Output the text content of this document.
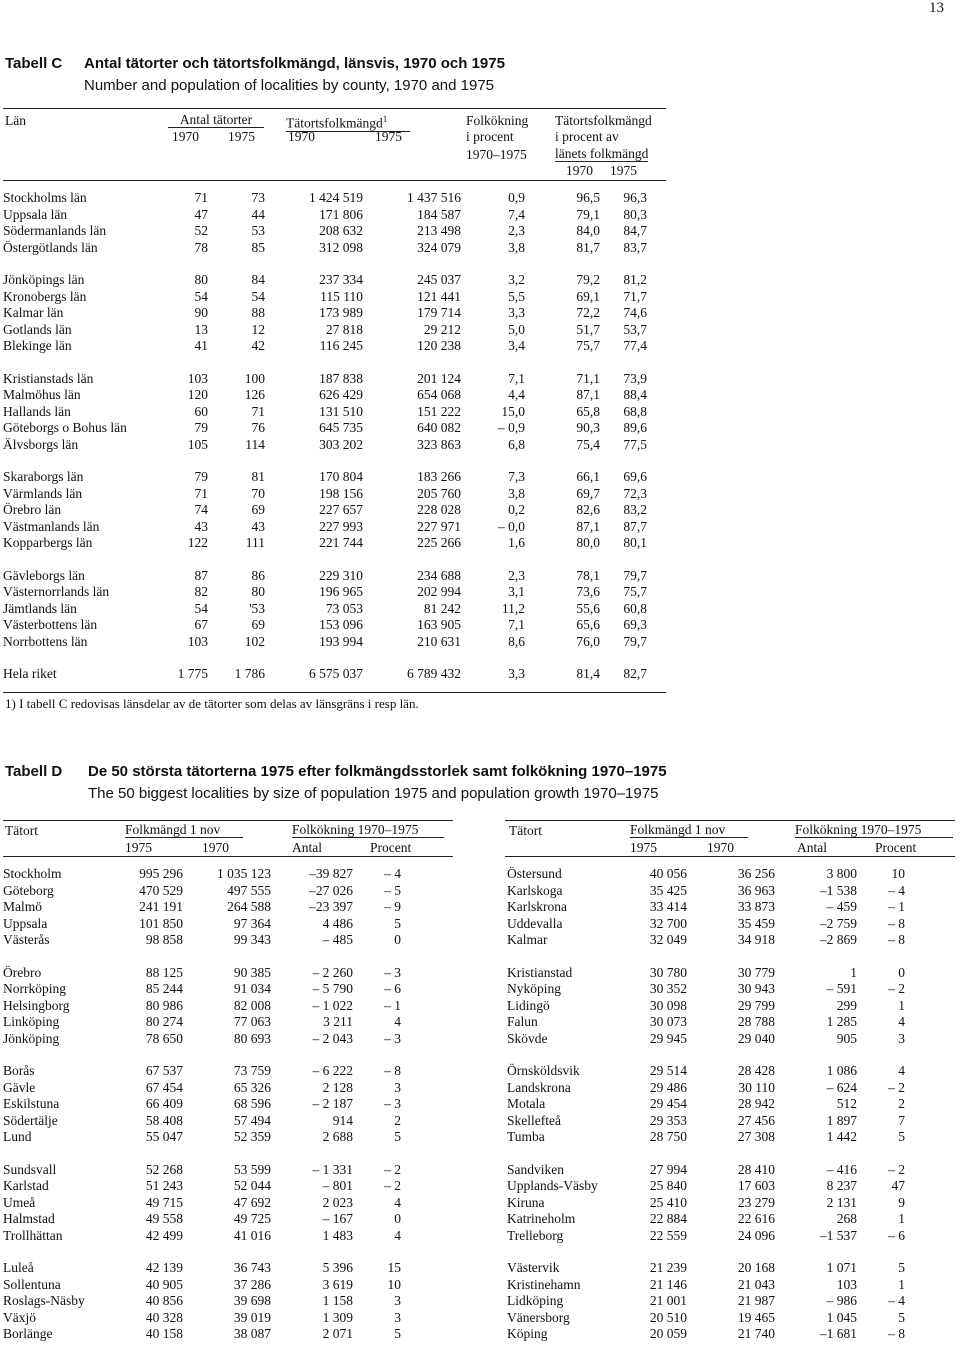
13
Tabell C Antal tätorter och tätortsfolkmängd, länsvis, 1970 och 1975
Number and population of localities by county, 1970 and 1975
Län	Antal tätorter
1970 1975
Tätortsfolkmängd$^1$
1970	1975
Folkökning
i procent
1970–1975
Tätortsfolkmängd
i procent av
länets folkmängd
1970 1975
Stockholms län	71	73	1 424 519	1 437 516	0,9	96,5	96,3
Uppsala län	47	44	171 806	184 587	7,4	79,1	80,3
Södermanlands län	52	53	208 632	213 498	2,3	84,0	84,7
Östergötlands län	78	85	312 098	324 079	3,8	81,7	83,7

Jönköpings län	80	84	237 334	245 037	3,2	79,2	81,2
Kronobergs län	54	54	115 110	121 441	5,5	69,1	71,7
Kalmar län	90	88	173 989	179 714	3,3	72,2	74,6
Gotlands län	13	12	27 818	29 212	5,0	51,7	53,7
Blekinge län	41	42	116 245	120 238	3,4	75,7	77,4

Kristianstads län	103	100	187 838	201 124	7,1	71,1	73,9
Malmöhus län	120	126	626 429	654 068	4,4	87,1	88,4
Hallands län	60	71	131 510	151 222	15,0	65,8	68,8
Göteborgs o Bohus län	79	76	645 735	640 082	– 0,9	90,3	89,6
Älvsborgs län	105	114	303 202	323 863	6,8	75,4	77,5

Skaraborgs län	79	81	170 804	183 266	7,3	66,1	69,6
Värmlands län	71	70	198 156	205 760	3,8	69,7	72,3
Örebro län	74	69	227 657	228 028	0,2	82,6	83,2
Västmanlands län	43	43	227 993	227 971	– 0,0	87,1	87,7
Kopparbergs län	122	111	221 744	225 266	1,6	80,0	80,1

Gävleborgs län	87	86	229 310	234 688	2,3	78,1	79,7
Västernorrlands län	82	80	196 965	202 994	3,1	73,6	75,7
Jämtlands län	54	'53	73 053	81 242	11,2	55,6	60,8
Västerbottens län	67	69	153 096	163 905	7,1	65,6	69,3
Norrbottens län	103	102	193 994	210 631	8,6	76,0	79,7

Hela riket	1 775	1 786	6 575 037	6 789 432	3,3	81,4	82,7
1) I tabell C redovisas länsdelar av de tätorter som delas av länsgräns i resp län.
Tabell D De 50 största tätorterna 1975 efter folkmängdsstorlek samt folkökning 1970–1975
The 50 biggest localities by size of population 1975 and population growth 1970–1975
Tätort	Folkmängd 1 nov
1975	1970
Folkökning 1970–1975
Antal	Procent
Tätort	Folkmängd 1 nov
1975	1970
Folkökning 1970–1975
Antal	Procent
Stockholm	995 296	1 035 123	–39 827	– 4
Göteborg	470 529	497 555	–27 026	– 5
Malmö	241 191	264 588	–23 397	– 9
Uppsala	101 850	97 364	4 486	5
Västerås	98 858	99 343	– 485	0

Örebro	88 125	90 385	– 2 260	– 3
Norrköping	85 244	91 034	– 5 790	– 6
Helsingborg	80 986	82 008	– 1 022	– 1
Linköping	80 274	77 063	3 211	4
Jönköping	78 650	80 693	– 2 043	– 3

Borås	67 537	73 759	– 6 222	– 8
Gävle	67 454	65 326	2 128	3
Eskilstuna	66 409	68 596	– 2 187	– 3
Södertälje	58 408	57 494	914	2
Lund	55 047	52 359	2 688	5

Sundsvall	52 268	53 599	– 1 331	– 2
Karlstad	51 243	52 044	– 801	– 2
Umeå	49 715	47 692	2 023	4
Halmstad	49 558	49 725	– 167	0
Trollhättan	42 499	41 016	1 483	4

Luleå	42 139	36 743	5 396	15
Sollentuna	40 905	37 286	3 619	10
Roslags-Näsby	40 856	39 698	1 158	3
Växjö	40 328	39 019	1 309	3
Borlänge	40 158	38 087	2 071	5
Östersund	40 056	36 256	3 800	10
Karlskoga	35 425	36 963	–1 538	– 4
Karlskrona	33 414	33 873	– 459	– 1
Uddevalla	32 700	35 459	–2 759	– 8
Kalmar	32 049	34 918	–2 869	– 8

Kristianstad	30 780	30 779	1	0
Nyköping	30 352	30 943	– 591	– 2
Lidingö	30 098	29 799	299	1
Falun	30 073	28 788	1 285	4
Skövde	29 945	29 040	905	3

Örnsköldsvik	29 514	28 428	1 086	4
Landskrona	29 486	30 110	– 624	– 2
Motala	29 454	28 942	512	2
Skellefteå	29 353	27 456	1 897	7
Tumba	28 750	27 308	1 442	5

Sandviken	27 994	28 410	– 416	– 2
Upplands-Väsby	25 840	17 603	8 237	47
Kiruna	25 410	23 279	2 131	9
Katrineholm	22 884	22 616	268	1
Trelleborg	22 559	24 096	–1 537	– 6

Västervik	21 239	20 168	1 071	5
Kristinehamn	21 146	21 043	103	1
Lidköping	21 001	21 987	– 986	– 4
Vänersborg	20 510	19 465	1 045	5
Köping	20 059	21 740	–1 681	– 8
